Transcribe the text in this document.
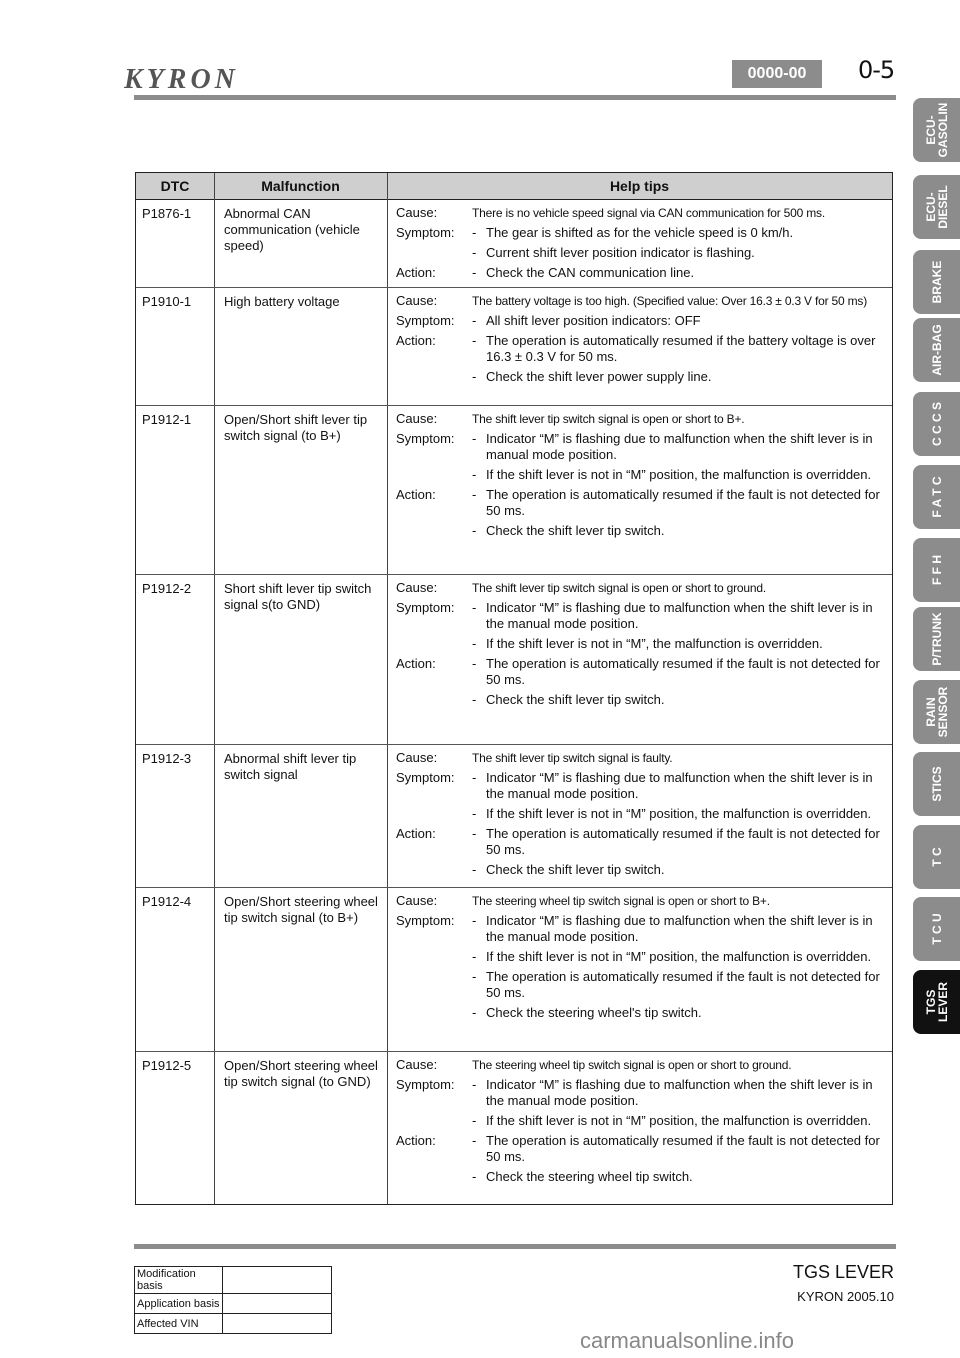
KYRON	0000-00	0-5
DTC	Malfunction	Help tips
P1876-1	Abnormal CAN communication (vehicle speed)
Cause:	There is no vehicle speed signal via CAN communication for 500 ms.
Symptom:	- The gear is shifted as for the vehicle speed is 0 km/h.
- Current shift lever position indicator is flashing.
Action:	- Check the CAN communication line.
P1910-1	High battery voltage	Cause:	The battery voltage is too high. (Specified value: Over 16.3 ± 0.3 V for 50 ms)
Symptom:	- All shift lever position indicators: OFF
Action:	- The operation is automatically resumed if the battery voltage is over 16.3 ± 0.3 V for 50 ms.
- Check the shift lever power supply line.
P1912-1	Open/Short shift lever tip switch signal (to B+)
Cause:	The shift lever tip switch signal is open or short to B+.
Symptom:	- Indicator “M” is flashing due to malfunction when the shift lever is in manual mode position.
- If the shift lever is not in “M” position, the malfunction is overridden.
Action:	- The operation is automatically resumed if the fault is not detected for 50 ms.
- Check the shift lever tip switch.
P1912-2	Short shift lever tip switch signal s(to GND)
Cause:	The shift lever tip switch signal is open or short to ground.
Symptom:	- Indicator “M” is flashing due to malfunction when the shift lever is in the manual mode position.
- If the shift lever is not in “M”, the malfunction is overridden.
Action:	- The operation is automatically resumed if the fault is not detected for 50 ms.
- Check the shift lever tip switch.
P1912-3	Abnormal shift lever tip switch signal
Cause:	The shift lever tip switch signal is faulty.
Symptom:	- Indicator “M” is flashing due to malfunction when the shift lever is in the manual mode position.
- If the shift lever is not in “M” position, the malfunction is overridden.
Action:	- The operation is automatically resumed if the fault is not detected for 50 ms.
- Check the shift lever tip switch.
P1912-4	Open/Short steering wheel tip switch signal (to B+)
Cause:	The steering wheel tip switch signal is open or short to B+.
Symptom:	- Indicator “M” is flashing due to malfunction when the shift lever is in the manual mode position.
- If the shift lever is not in “M” position, the malfunction is overridden.
- The operation is automatically resumed if the fault is not detected for 50 ms.
- Check the steering wheel's tip switch.
P1912-5	Open/Short steering wheel tip switch signal (to GND)
Cause:	The steering wheel tip switch signal is open or short to ground.
Symptom:	- Indicator “M” is flashing due to malfunction when the shift lever is in the manual mode position.
- If the shift lever is not in “M” position, the malfunction is overridden.
Action:	- The operation is automatically resumed if the fault is not detected for 50 ms.
- Check the steering wheel tip switch.
ECU-
GASOLIN
ECU-
DIESEL
BRAKE
AIR-BAG
C C C S
F A T C
F F H
P/TRUNK
RAIN
SENSOR
STICS
T C
T C U
TGS
LEVER
TGS LEVER
KYRON 2005.10
Modification basis	
Application basis	
Affected VIN	
carmanualsonline.info
